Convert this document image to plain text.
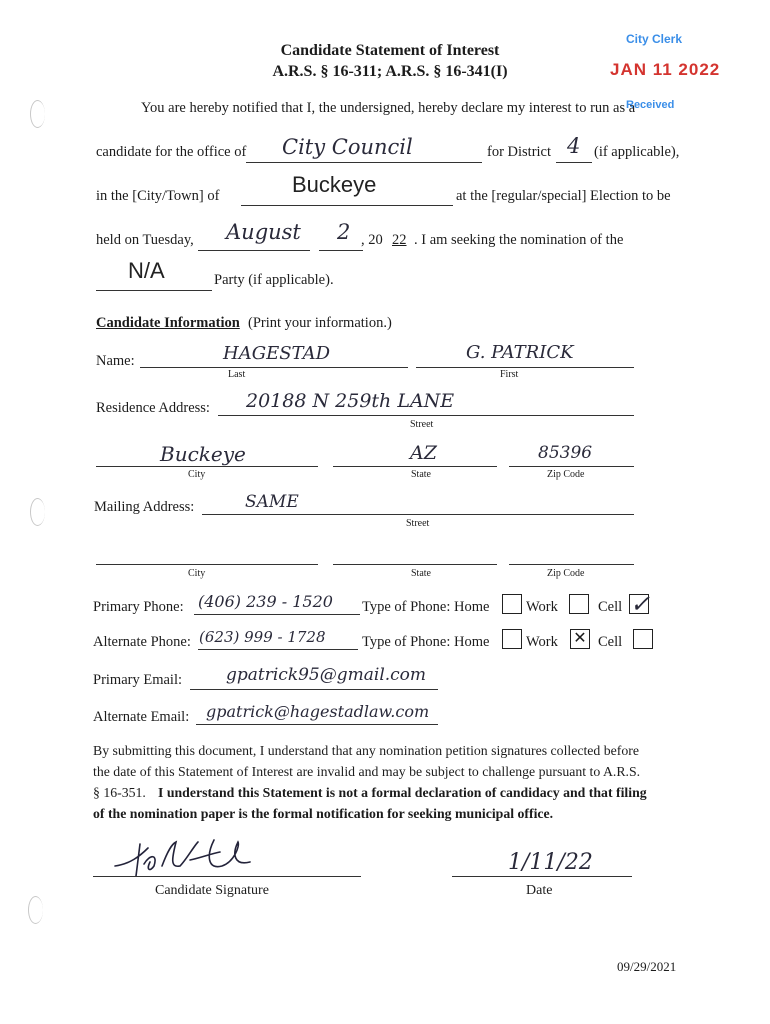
Candidate Statement of Interest
A.R.S. § 16-311; A.R.S. § 16-341(I)
City Clerk
JAN 11 2022
Received
You are hereby notified that I, the undersigned, hereby declare my interest to run as a
candidate for the office of City Council	for District 4 (if applicable),
in the [City/Town] of	Buckeye	at the [regular/special] Election to be
held on Tuesday, August 2 , 20 22 . I am seeking the nomination of the
N/A	Party (if applicable).
Candidate Information (Print your information.)
Name:	HAGESTAD
Last
G. PATRICK
First
Residence Address: 20188 N 259th LANE
Street
Buckeye
City
AZ
State
85396
Zip Code
Mailing Address:	SAME
Street
City	State	Zip Code
Primary Phone: (406) 239 - 1520 Type of Phone: Home	Work	Cell ✓
Alternate Phone: (623) 999 - 1728	Type of Phone: Home	Work ✕ Cell
Primary Email:	gpatrick95@gmail.com
Alternate Email: gpatrick@hagestadlaw.com
By submitting this document, I understand that any nomination petition signatures collected before
the date of this Statement of Interest are invalid and may be subject to challenge pursuant to A.R.S.
§ 16-351. I understand this Statement is not a formal declaration of candidacy and that filing
of the nomination paper is the formal notification for seeking municipal office.
Candidate Signature
1/11/22
Date
09/29/2021
